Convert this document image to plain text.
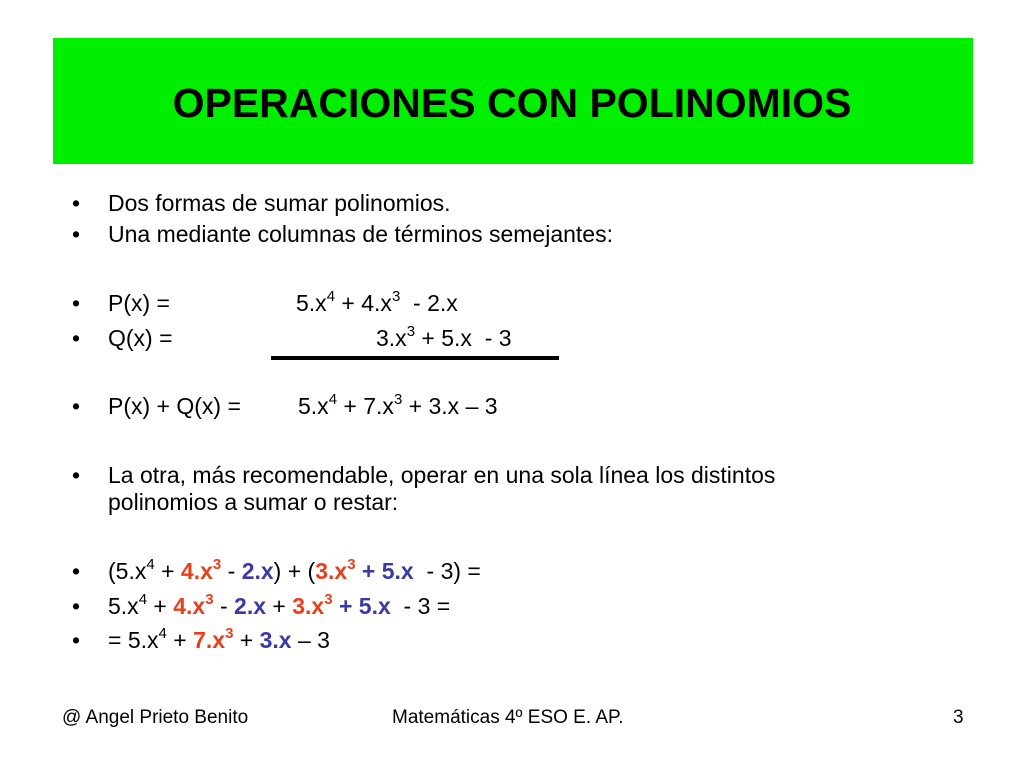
OPERACIONES CON POLINOMIOS
• Dos formas de sumar polinomios.
• Una mediante columnas de términos semejantes:
• P(x) =	$5.x^4 + 4.x^3 - 2.x$
• Q(x) =	$3.x^3 + 5.x - 3$
• $P(x) + Q(x) = 5.x^4 + 7.x^3 + 3.x - 3$
• La otra, más recomendable, operar en una sola línea los distintos
polinomios a sumar o restar:
• $(5.x^4 + 4.x^3 - 2.x) + (3.x^3 + 5.x - 3)$ =
• $5.x^4 + 4.x^3 - 2.x + 3.x^3 + 5.x - 3$ =
• = $5.x^4 + 7.x^3 + 3.x - 3$
@ Angel Prieto Benito	Matemáticas 4º ESO E. AP.	3
